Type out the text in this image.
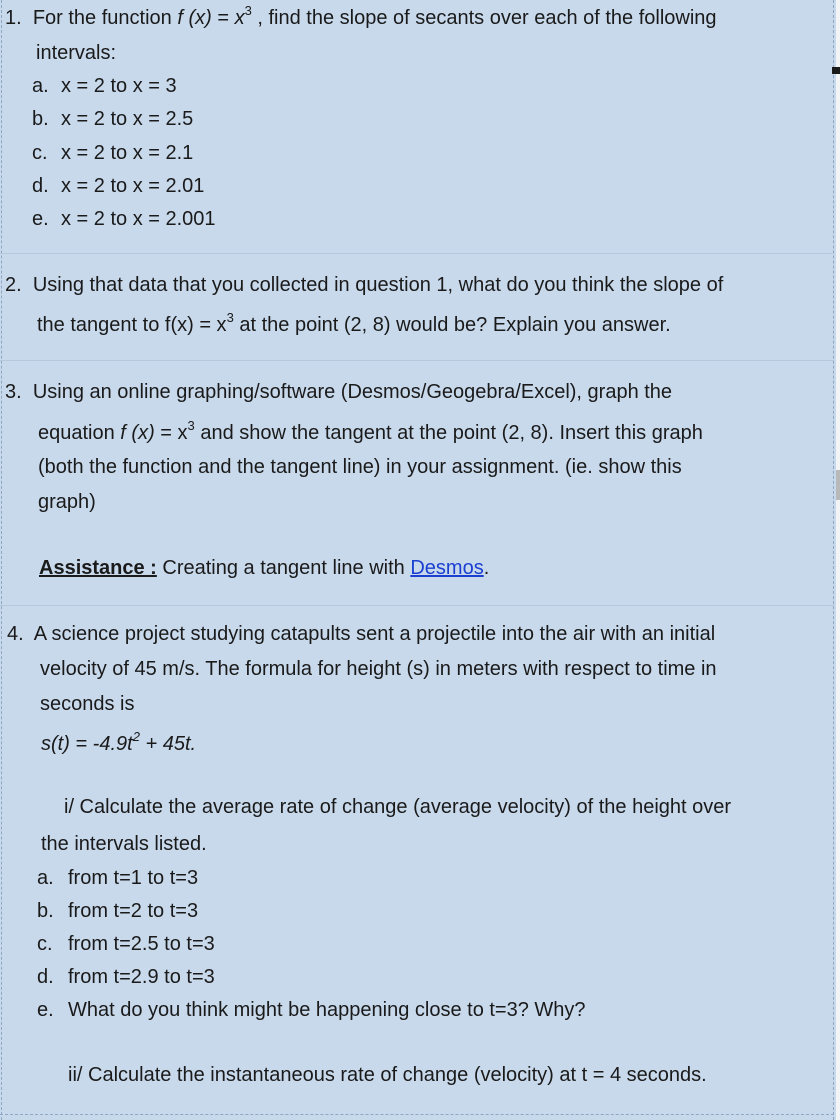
1. For the function f $(x) = x^3$ , find the slope of secants over each of the following
intervals:
a. x = 2 to x = 3
b. x = 2 to x = 2.5
c. x = 2 to x = 2.1
d. x = 2 to x = 2.01
e. x = 2 to x = 2.001
2. Using that data that you collected in question 1, what do you think the slope of
the tangent to $f(x) = x^3$ at the point (2, 8) would be? Explain you answer.
3. Using an online graphing/software (Desmos/Geogebra/Excel), graph the
equation f $(x) = x^3$ and show the tangent at the point (2, 8). Insert this graph
(both the function and the tangent line) in your assignment. (ie. show this
graph)
Assistance : Creating a tangent line with Desmos.
4. A science project studying catapults sent a projectile into the air with an initial
velocity of 45 m/s. The formula for height (s) in meters with respect to time in
seconds is
$s(t) = -4.9t^2 + 45t$.
i/ Calculate the average rate of change (average velocity) of the height over
the intervals listed.
a. from t=1 to t=3
b. from t=2 to t=3
c. from t=2.5 to t=3
d. from t=2.9 to t=3
e. What do you think might be happening close to t=3? Why?
ii/ Calculate the instantaneous rate of change (velocity) at t = 4 seconds.
